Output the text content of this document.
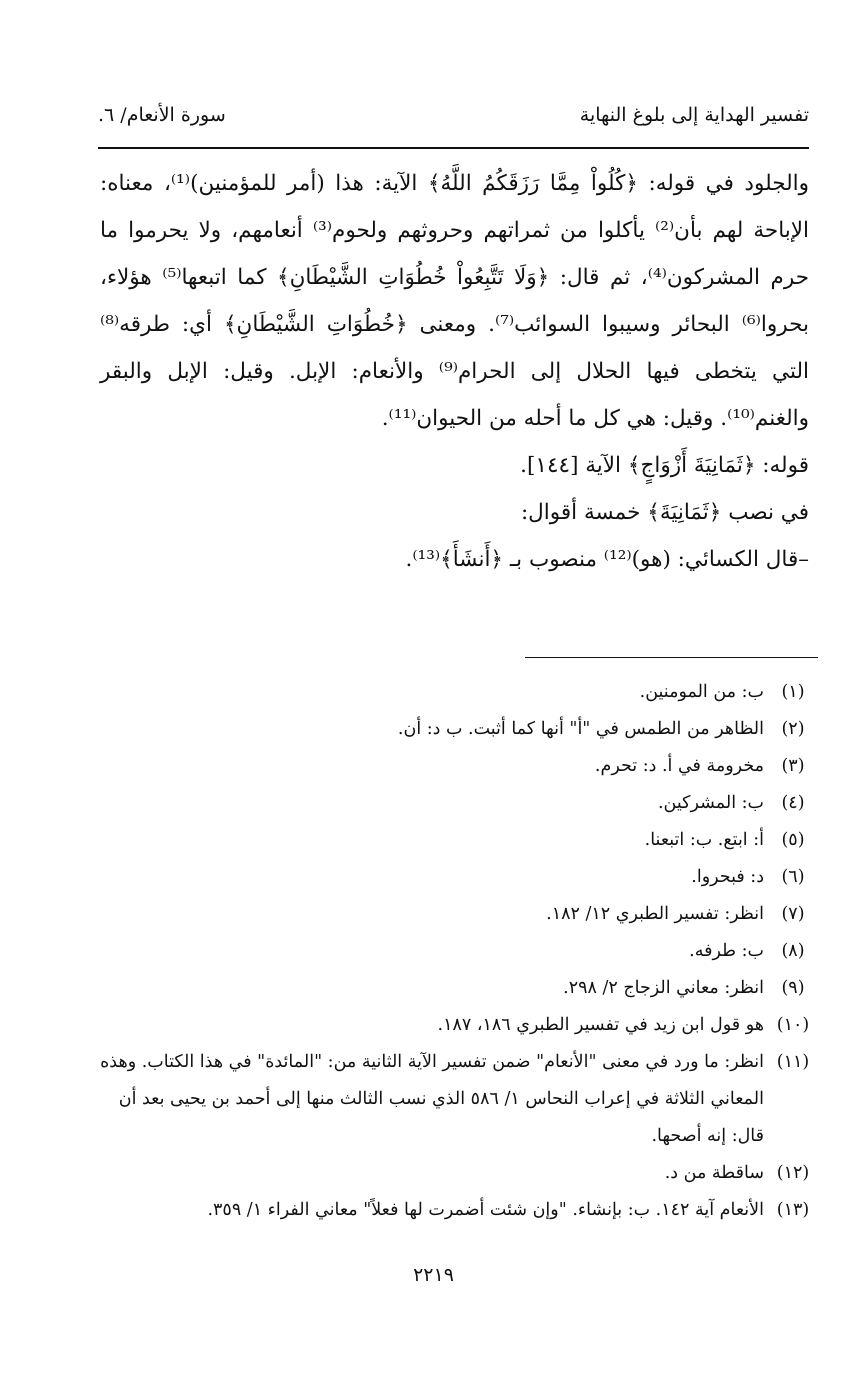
تفسير الهداية إلى بلوغ النهاية
سورة الأنعام/ ٦.

والجلود في قوله: ﴿كُلُواْ مِمَّا رَزَقَكُمُ اللَّهُ﴾ الآية: هذا (أمر للمؤمنين)⁽¹⁾، معناه: الإباحة لهم بأن⁽²⁾ يأكلوا من ثمراتهم وحروثهم ولحوم⁽³⁾ أنعامهم، ولا يحرموا ما حرم المشركون⁽⁴⁾، ثم قال: ﴿وَلَا تَتَّبِعُواْ خُطُوَاتِ الشَّيْطَانِ﴾ كما اتبعها⁽⁵⁾ هؤلاء، بحروا⁽⁶⁾ البحائر وسيبوا السوائب⁽⁷⁾. ومعنى ﴿خُطُوَاتِ الشَّيْطَانِ﴾ أي: طرقه⁽⁸⁾ التي يتخطى فيها الحلال إلى الحرام⁽⁹⁾ والأنعام: الإبل. وقيل: الإبل والبقر والغنم⁽¹⁰⁾. وقيل: هي كل ما أحله من الحيوان⁽¹¹⁾.

قوله: ﴿ثَمَانِيَةَ أَزْوَاجٍ﴾ الآية [١٤٤].

في نصب ﴿ثَمَانِيَةَ﴾ خمسة أقوال:

–قال الكسائي: (هو)⁽¹²⁾ منصوب بـ ﴿أَنشَأَ﴾⁽¹³⁾.

(١)
ب: من المومنين.
(٢)
الظاهر من الطمس في "أ" أنها كما أثبت. ب د: أن.
(٣)
مخرومة في أ. د: تحرم.
(٤)
ب: المشركين.
(٥)
أ: ابتع. ب: اتبعنا.
(٦)
د: فبحروا.
(٧)
انظر: تفسير الطبري ١٢/ ١٨٢.
(٨)
ب: طرفه.
(٩)
انظر: معاني الزجاج ٢/ ٢٩٨.
(١٠)
هو قول ابن زيد في تفسير الطبري ١٨٦، ١٨٧.
(١١)
انظر: ما ورد في معنى "الأنعام" ضمن تفسير الآية الثانية من: "المائدة" في هذا الكتاب. وهذه المعاني الثلاثة في إعراب النحاس ١/ ٥٨٦ الذي نسب الثالث منها إلى أحمد بن يحيى بعد أن قال: إنه أصحها.
(١٢)
ساقطة من د.
(١٣)
الأنعام آية ١٤٢. ب: بإنشاء. "وإن شئت أضمرت لها فعلاً" معاني الفراء ١/ ٣٥٩.
٢٢١٩
